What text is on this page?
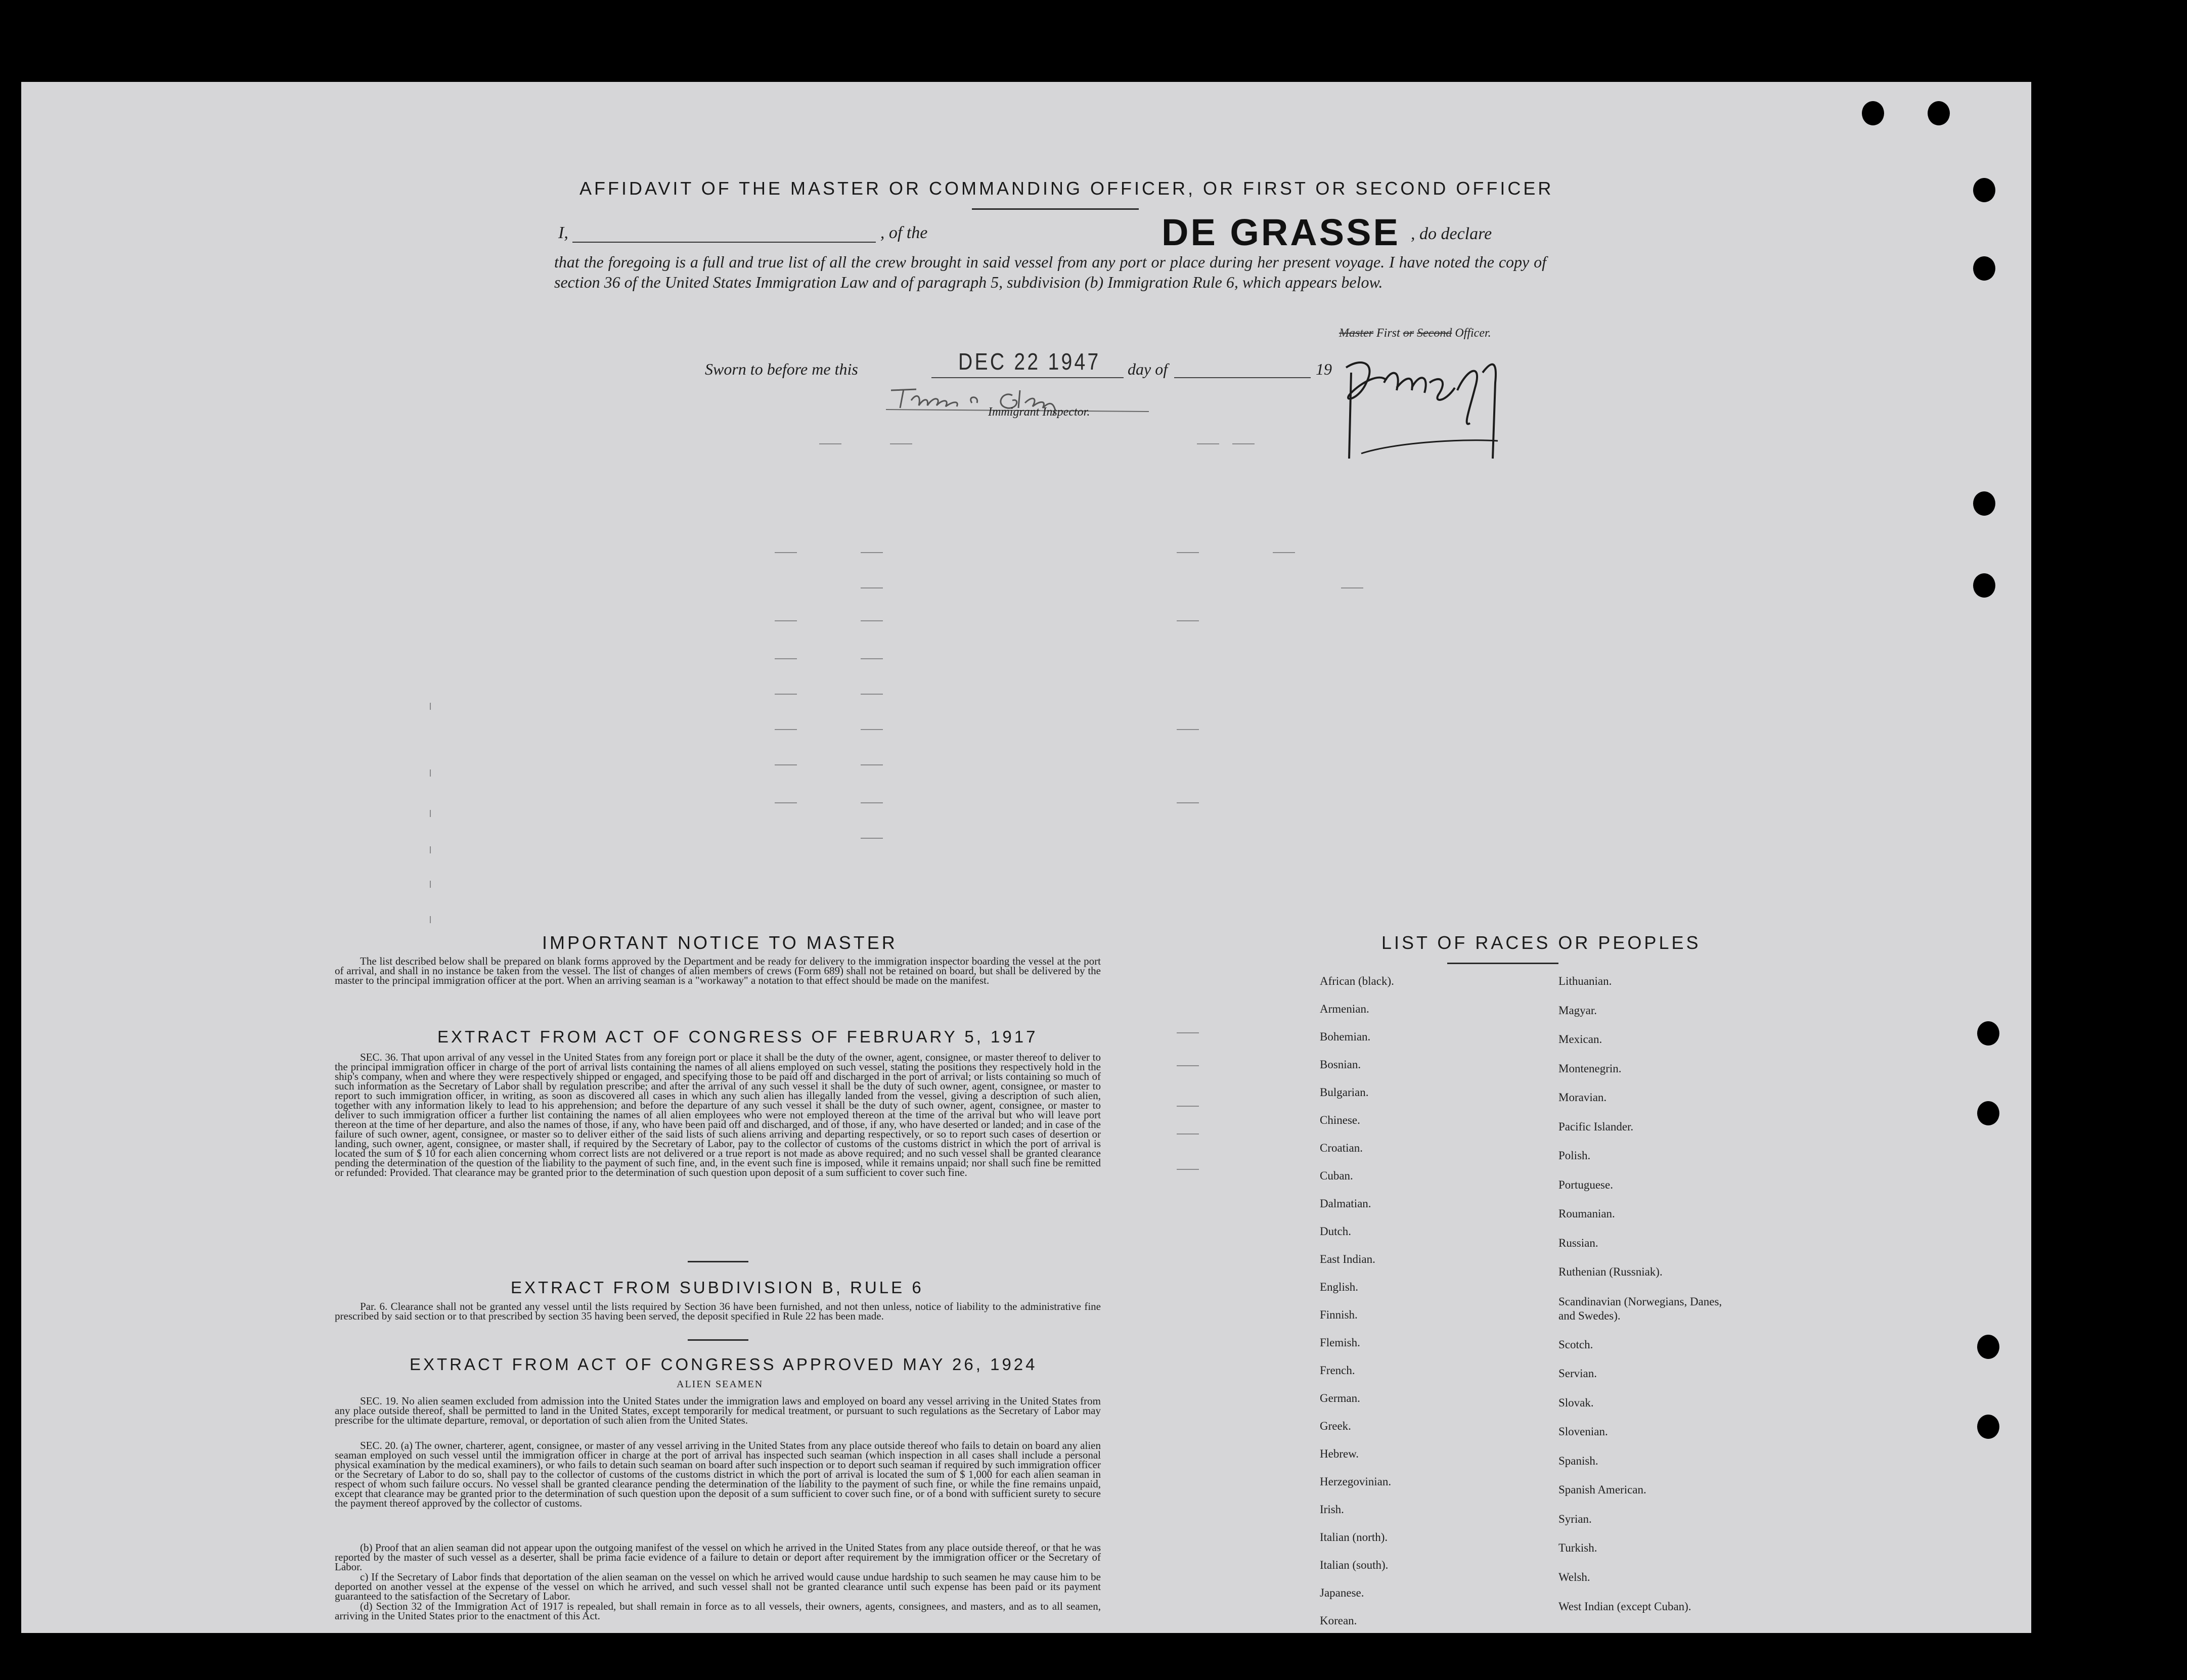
AFFIDAVIT OF THE MASTER OR COMMANDING OFFICER, OR FIRST OR SECOND OFFICER
I,	, of the	DE GRASSE , do declare
that the foregoing is a full and true list of all the crew brought in said vessel from any port or place during her present voyage. I have noted the copy of section 36 of the United States Immigration Law and of paragraph 5, subdivision (b) Immigration Rule 6, which appears below.
Master First or Second Officer.
Sworn to before me this	DEC 22 1947 day of	19
Immigrant Inspector.
IMPORTANT NOTICE TO MASTER
The list described below shall be prepared on blank forms approved by the Department and be ready for delivery to the immigration inspector boarding the vessel at the port of arrival, and shall in no instance be taken from the vessel. The list of changes of alien members of crews (Form 689) shall not be retained on board, but shall be delivered by the master to the principal immigration officer at the port. When an arriving seaman is a "workaway" a notation to that effect should be made on the manifest.
EXTRACT FROM ACT OF CONGRESS OF FEBRUARY 5, 1917
SEC. 36. That upon arrival of any vessel in the United States from any foreign port or place it shall be the duty of the owner, agent, consignee, or master thereof to deliver to the principal immigration officer in charge of the port of arrival lists containing the names of all aliens employed on such vessel, stating the positions they respectively hold in the ship's company, when and where they were respectively shipped or engaged, and specifying those to be paid off and discharged in the port of arrival; or lists containing so much of such information as the Secretary of Labor shall by regulation prescribe; and after the arrival of any such vessel it shall be the duty of such owner, agent, consignee, or master to report to such immigration officer, in writing, as soon as discovered all cases in which any such alien has illegally landed from the vessel, giving a description of such alien, together with any information likely to lead to his apprehension; and before the departure of any such vessel it shall be the duty of such owner, agent, consignee, or master to deliver to such immigration officer a further list containing the names of all alien employees who were not employed thereon at the time of the arrival but who will leave port thereon at the time of her departure, and also the names of those, if any, who have been paid off and discharged, and of those, if any, who have deserted or landed; and in case of the failure of such owner, agent, consignee, or master so to deliver either of the said lists of such aliens arriving and departing respectively, or so to report such cases of desertion or landing, such owner, agent, consignee, or master shall, if required by the Secretary of Labor, pay to the collector of customs of the customs district in which the port of arrival is located the sum of $ 10 for each alien concerning whom correct lists are not delivered or a true report is not made as above required; and no such vessel shall be granted clearance pending the determination of the question of the liability to the payment of such fine, and, in the event such fine is imposed, while it remains unpaid; nor shall such fine be remitted or refunded: Provided. That clearance may be granted prior to the determination of such question upon deposit of a sum sufficient to cover such fine.
EXTRACT FROM SUBDIVISION B, RULE 6
Par. 6. Clearance shall not be granted any vessel until the lists required by Section 36 have been furnished, and not then unless, notice of liability to the administrative fine prescribed by said section or to that prescribed by section 35 having been served, the deposit specified in Rule 22 has been made.
EXTRACT FROM ACT OF CONGRESS APPROVED MAY 26, 1924
ALIEN SEAMEN
SEC. 19. No alien seamen excluded from admission into the United States under the immigration laws and employed on board any vessel arriving in the United States from any place outside thereof, shall be permitted to land in the United States, except temporarily for medical treatment, or pursuant to such regulations as the Secretary of Labor may prescribe for the ultimate departure, removal, or deportation of such alien from the United States.
SEC. 20. (a) The owner, charterer, agent, consignee, or master of any vessel arriving in the United States from any place outside thereof who fails to detain on board any alien seaman employed on such vessel until the immigration officer in charge at the port of arrival has inspected such seaman (which inspection in all cases shall include a personal physical examination by the medical examiners), or who fails to detain such seaman on board after such inspection or to deport such seaman if required by such immigration officer or the Secretary of Labor to do so, shall pay to the collector of customs of the customs district in which the port of arrival is located the sum of $ 1,000 for each alien seaman in respect of whom such failure occurs. No vessel shall be granted clearance pending the determination of the liability to the payment of such fine, or while the fine remains unpaid, except that clearance may be granted prior to the determination of such question upon the deposit of a sum sufficient to cover such fine, or of a bond with sufficient surety to secure the payment thereof approved by the collector of customs.
(b) Proof that an alien seaman did not appear upon the outgoing manifest of the vessel on which he arrived in the United States from any place outside thereof, or that he was reported by the master of such vessel as a deserter, shall be prima facie evidence of a failure to detain or deport after requirement by the immigration officer or the Secretary of Labor.
c) If the Secretary of Labor finds that deportation of the alien seaman on the vessel on which he arrived would cause undue hardship to such seamen he may cause him to be deported on another vessel at the expense of the vessel on which he arrived, and such vessel shall not be granted clearance until such expense has been paid or its payment guaranteed to the satisfaction of the Secretary of Labor.
(d) Section 32 of the Immigration Act of 1917 is repealed, but shall remain in force as to all vessels, their owners, agents, consignees, and masters, and as to all seamen, arriving in the United States prior to the enactment of this Act.
LIST OF RACES OR PEOPLES
African (black).
Armenian.
Bohemian.
Bosnian.
Bulgarian.
Chinese.
Croatian.
Cuban.
Dalmatian.
Dutch.
East Indian.
English.
Finnish.
Flemish.
French.
German.
Greek.
Hebrew.
Herzegovinian.
Irish.
Italian (north).
Italian (south).
Japanese.
Korean.
Lithuanian.
Magyar.
Mexican.
Montenegrin.
Moravian.
Pacific Islander.
Polish.
Portuguese.
Roumanian.
Russian.
Ruthenian (Russniak).
Scandinavian (Norwegians, Danes, and Swedes).
Scotch.
Servian.
Slovak.
Slovenian.
Spanish.
Spanish American.
Syrian.
Turkish.
Welsh.
West Indian (except Cuban).
